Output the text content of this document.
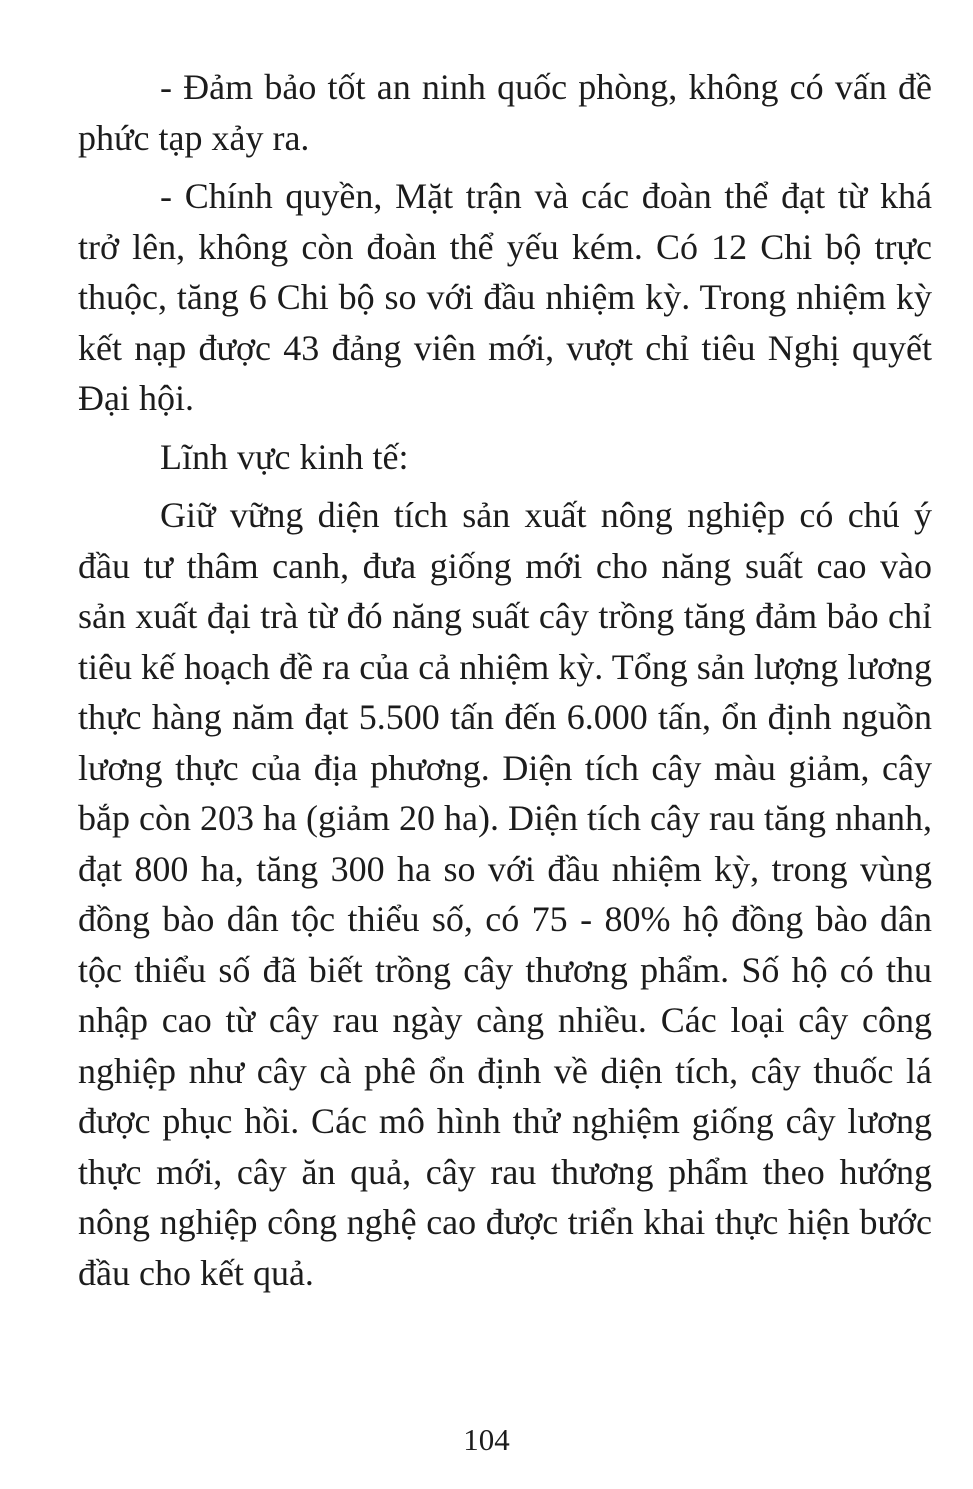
- Đảm bảo tốt an ninh quốc phòng, không có vấn đề phức tạp xảy ra.

- Chính quyền, Mặt trận và các đoàn thể đạt từ khá trở lên, không còn đoàn thể yếu kém. Có 12 Chi bộ trực thuộc, tăng 6 Chi bộ so với đầu nhiệm kỳ. Trong nhiệm kỳ kết nạp được 43 đảng viên mới, vượt chỉ tiêu Nghị quyết Đại hội.

Lĩnh vực kinh tế:

Giữ vững diện tích sản xuất nông nghiệp có chú ý đầu tư thâm canh, đưa giống mới cho năng suất cao vào sản xuất đại trà từ đó năng suất cây trồng tăng đảm bảo chỉ tiêu kế hoạch đề ra của cả nhiệm kỳ. Tổng sản lượng lương thực hàng năm đạt 5.500 tấn đến 6.000 tấn, ổn định nguồn lương thực của địa phương. Diện tích cây màu giảm, cây bắp còn 203 ha (giảm 20 ha). Diện tích cây rau tăng nhanh, đạt 800 ha, tăng 300 ha so với đầu nhiệm kỳ, trong vùng đồng bào dân tộc thiểu số, có 75 - 80% hộ đồng bào dân tộc thiểu số đã biết trồng cây thương phẩm. Số hộ có thu nhập cao từ cây rau ngày càng nhiều. Các loại cây công nghiệp như cây cà phê ổn định về diện tích, cây thuốc lá được phục hồi. Các mô hình thử nghiệm giống cây lương thực mới, cây ăn quả, cây rau thương phẩm theo hướng nông nghiệp công nghệ cao được triển khai thực hiện bước đầu cho kết quả.

104
